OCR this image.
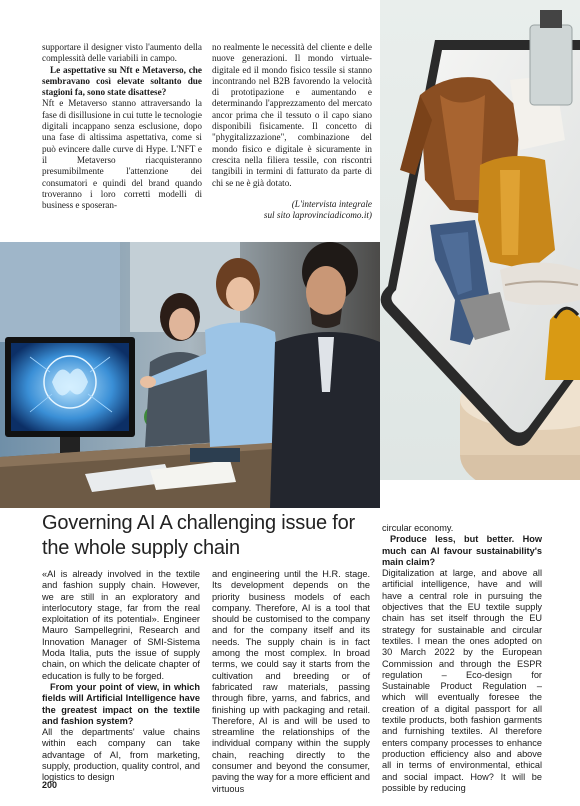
supportare il designer visto l'aumento della complessità delle variabili in campo.

Le aspettative su Nft e Metaverso, che sembravano così elevate soltanto due stagioni fa, sono state disattese?

Nft e Metaverso stanno attraversando la fase di disillusione in cui tutte le tecnologie digitali incappano senza esclusione, dopo una fase di altissima aspettativa, come si può evincere dalle curve di Hype. L'NFT e il Metaverso riacquisteranno presumibilmente l'attenzione dei consumatori e quindi del brand quando troveranno i loro corretti modelli di business e sposeran-

no realmente le necessità del cliente e delle nuove generazioni. Il mondo virtuale-digitale ed il mondo fisico tessile si stanno incontrando nel B2B favorendo la velocità di prototipazione e aumentando e determinando l'apprezzamento del mercato ancor prima che il tessuto o il capo siano disponibili fisicamente. Il concetto di "phygitalizzazione", combinazione del mondo fisico e digitale è sicuramente in crescita nella filiera tessile, con riscontri tangibili in termini di fatturato da parte di chi se ne è già dotato.

(L'intervista integrale
sul sito laprovinciadicomo.it)

Governing AI A challenging issue for the whole supply chain

«AI is already involved in the textile and fashion supply chain. However, we are still in an exploratory and interlocutory stage, far from the real exploitation of its potential». Engineer Mauro Sampellegrini, Research and Innovation Manager of SMI-Sistema Moda Italia, puts the issue of supply chain, on which the delicate chapter of education is fully to be forged.

From your point of view, in which fields will Artificial Intelligence have the greatest impact on the textile and fashion system?

All the departments' value chains within each company can take advantage of AI, from marketing, supply, production, quality control, and logistics to design

and engineering until the H.R. stage. Its development depends on the priority business models of each company. Therefore, AI is a tool that should be customised to the company and for the company itself and its needs. The supply chain is in fact among the most complex. In broad terms, we could say it starts from the cultivation and breeding or of fabricated raw materials, passing through fibre, yarns, and fabrics, and finishing up with packaging and retail. Therefore, AI is and will be used to streamline the relationships of the individual company within the supply chain, reaching directly to the consumer and beyond the consumer, paving the way for a more efficient and virtuous

circular economy.

Produce less, but better. How much can AI favour sustainability's main claim?

Digitalization at large, and above all artificial intelligence, have and will have a central role in pursuing the objectives that the EU textile supply chain has set itself through the EU strategy for sustainable and circular textiles. I mean the ones adopted on 30 March 2022 by the European Commission and through the ESPR regulation – Eco-design for Sustainable Product Regulation – which will eventually foresee the creation of a digital passport for all textile products, both fashion garments and furnishing textiles. AI therefore enters company processes to enhance production efficiency also and above all in terms of environmental, ethical and social impact. How? It will be possible by reducing

200
